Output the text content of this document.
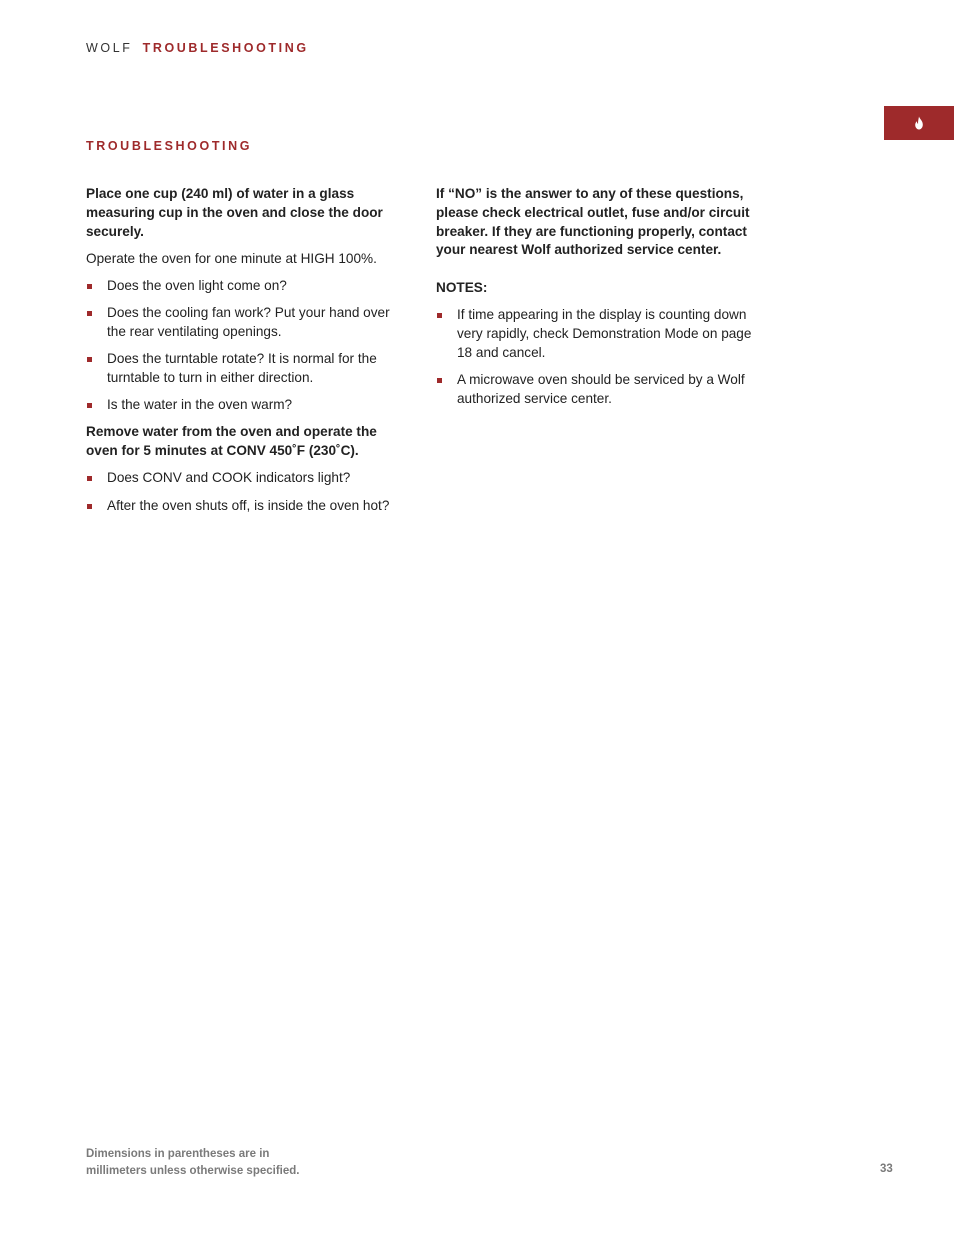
WOLF TROUBLESHOOTING
TROUBLESHOOTING

Place one cup (240 ml) of water in a glass measuring cup in the oven and close the door securely.

Operate the oven for one minute at HIGH 100%.

Does the oven light come on?
Does the cooling fan work? Put your hand over the rear ventilating openings.
Does the turntable rotate? It is normal for the turntable to turn in either direction.
Is the water in the oven warm?

Remove water from the oven and operate the oven for 5 minutes at CONV 450˚F (230˚C).

Does CONV and COOK indicators light?
After the oven shuts off, is inside the oven hot?

If “NO” is the answer to any of these questions, please check electrical outlet, fuse and/or circuit breaker. If they are functioning properly, contact your nearest Wolf authorized service center.

NOTES:

If time appearing in the display is counting down very rapidly, check Demonstration Mode on page 18 and cancel.
A microwave oven should be serviced by a Wolf authorized service center.
Dimensions in parentheses are in
millimeters unless otherwise specified.	33
